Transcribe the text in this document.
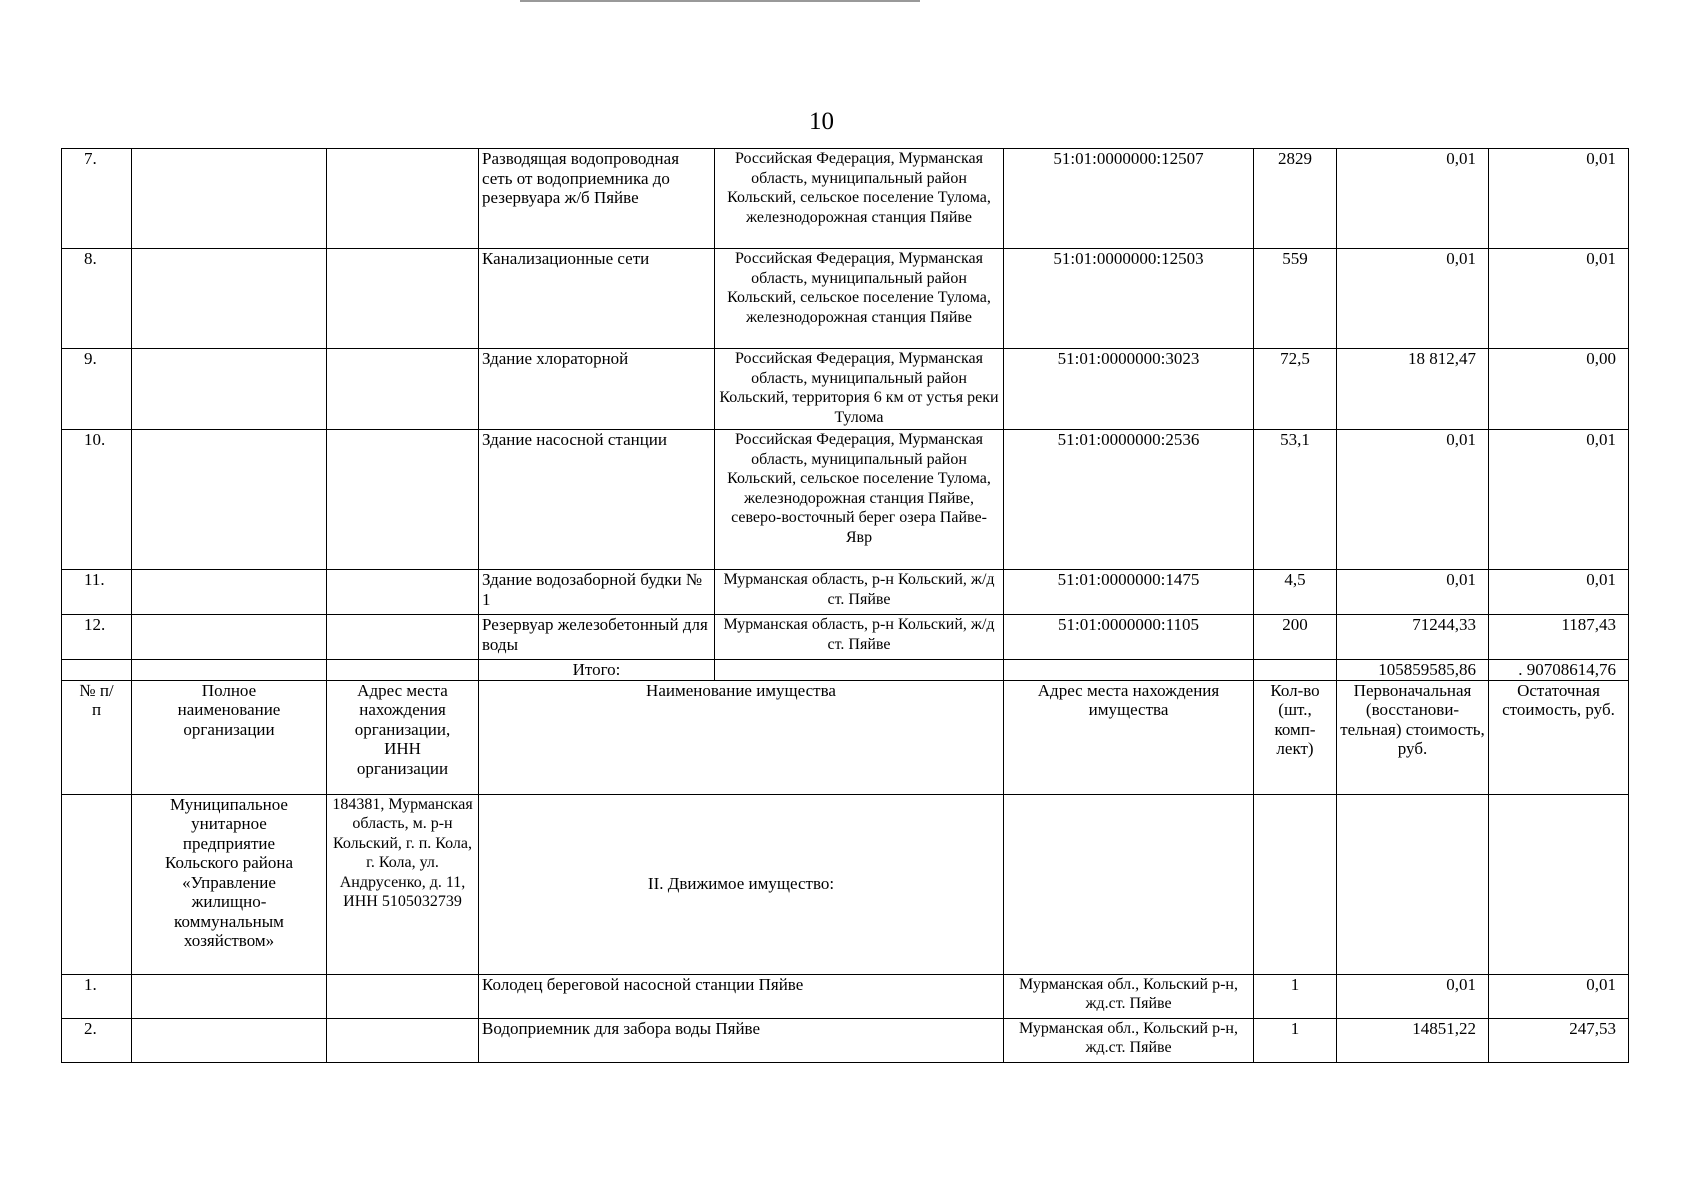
10
7.			Разводящая водопроводная сеть от водоприемника до резервуара ж/б Пяйве	Российская Федерация, Мурманская область, муниципальный район Кольский, сельское поселение Тулома, железнодорожная станция Пяйве	51:01:0000000:12507	2829	0,01	0,01
8.			Канализационные сети	Российская Федерация, Мурманская область, муниципальный район Кольский, сельское поселение Тулома, железнодорожная станция Пяйве	51:01:0000000:12503	559	0,01	0,01
9.			Здание хлораторной	Российская Федерация, Мурманская область, муниципальный район Кольский, территория 6 км от устья реки Тулома	51:01:0000000:3023	72,5	18 812,47	0,00
10.			Здание насосной станции	Российская Федерация, Мурманская область, муниципальный район Кольский, сельское поселение Тулома, железнодорожная станция Пяйве, северо-восточный берег озера Пайве-Явр	51:01:0000000:2536	53,1	0,01	0,01
11.			Здание водозаборной будки № 1	Мурманская область, р-н Кольский, ж/д ст. Пяйве	51:01:0000000:1475	4,5	0,01	0,01
12.			Резервуар железобетонный для воды	Мурманская область, р-н Кольский, ж/д ст. Пяйве	51:01:0000000:1105	200	71244,33	1187,43
			Итого:				105859585,86	. 90708614,76
№ п/п	Полное наименование организации	Адрес места нахождения организации, ИНН организации	Наименование имущества		Адрес места нахождения имущества	Кол-во (шт., комп-лект)	Первоначальная (восстанови-тельная) стоимость, руб.	Остаточная стоимость, руб.
	Муниципальное унитарное предприятие Кольского района «Управление жилищно-коммунальным хозяйством»	184381, Мурманская область, м. р-н Кольский, г. п. Кола, г. Кола, ул. Андрусенко, д. 11, ИНН 5105032739	II. Движимое имущество:					
1.			Колодец береговой насосной станции Пяйве		Мурманская обл., Кольский р-н, жд.ст. Пяйве	1	0,01	0,01
2.			Водоприемник для забора воды Пяйве		Мурманская обл., Кольский р-н, жд.ст. Пяйве	1	14851,22	247,53
